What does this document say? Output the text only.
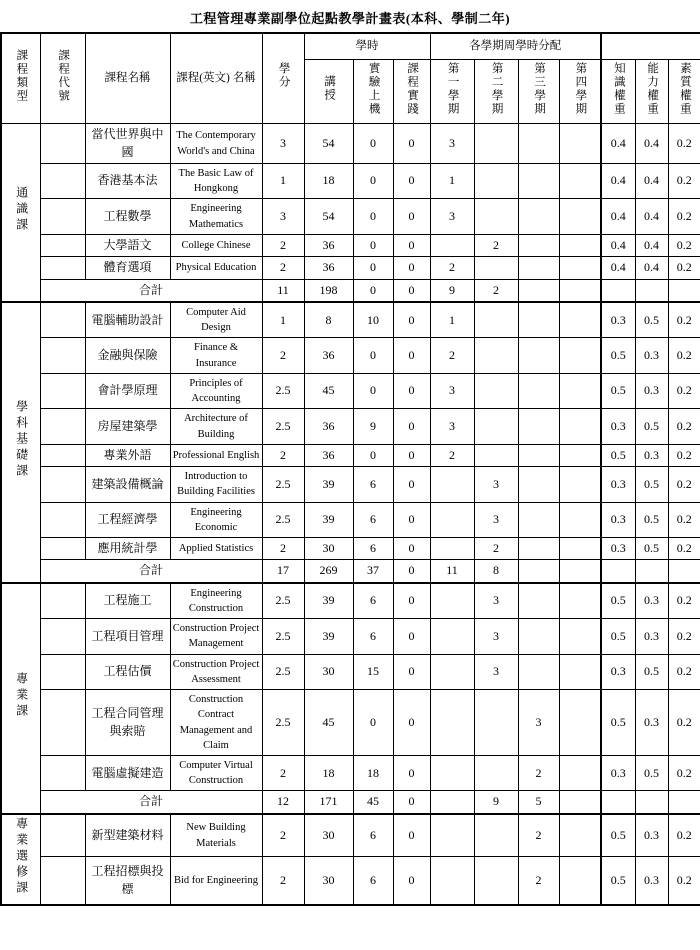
工程管理專業副學位起點教學計畫表(本科、學制二年)
課程類型	課程代號	課程名稱	課程(英文) 名稱	學分	學時			各學期周學時分配						
					講授	實驗上機	課程實踐	第一學期	第二學期	第三學期	第四學期	知識權重	能力權重	素質權重
通識課		當代世界與中國	The Contemporary World's and China	3	54	0	0	3				0.4	0.4	0.2
		香港基本法	The Basic Law of Hongkong	1	18	0	0	1				0.4	0.4	0.2
		工程數學	Engineering Mathematics	3	54	0	0	3				0.4	0.4	0.2
		大學語文	College Chinese	2	36	0	0		2			0.4	0.4	0.2
		體育選項	Physical Education	2	36	0	0	2				0.4	0.4	0.2
	合計			11	198	0	0	9	2					
學科基礎課		電腦輔助設計	Computer Aid Design	1	8	10	0	1				0.3	0.5	0.2
		金融與保險	Finance & Insurance	2	36	0	0	2				0.5	0.3	0.2
		會計學原理	Principles of Accounting	2.5	45	0	0	3				0.5	0.3	0.2
		房屋建築學	Architecture of Building	2.5	36	9	0	3				0.3	0.5	0.2
		專業外語	Professional English	2	36	0	0	2				0.5	0.3	0.2
		建築設備概論	Introduction to Building Facilities	2.5	39	6	0		3			0.3	0.5	0.2
		工程經濟學	Engineering Economic	2.5	39	6	0		3			0.3	0.5	0.2
		應用統計學	Applied Statistics	2	30	6	0		2			0.3	0.5	0.2
	合計			17	269	37	0	11	8					
專業課		工程施工	Engineering Construction	2.5	39	6	0		3			0.5	0.3	0.2
		工程項目管理	Construction Project Management	2.5	39	6	0		3			0.5	0.3	0.2
		工程估價	Construction Project Assessment	2.5	30	15	0		3			0.3	0.5	0.2
		工程合同管理與索賠	Construction Contract Management and Claim	2.5	45	0	0			3		0.5	0.3	0.2
		電腦虛擬建造	Computer Virtual Construction	2	18	18	0			2		0.3	0.5	0.2
	合計			12	171	45	0		9	5				
專業選修課		新型建築材料	New Building Materials	2	30	6	0			2		0.5	0.3	0.2
		工程招標與投標	Bid for Engineering	2	30	6	0			2		0.5	0.3	0.2
